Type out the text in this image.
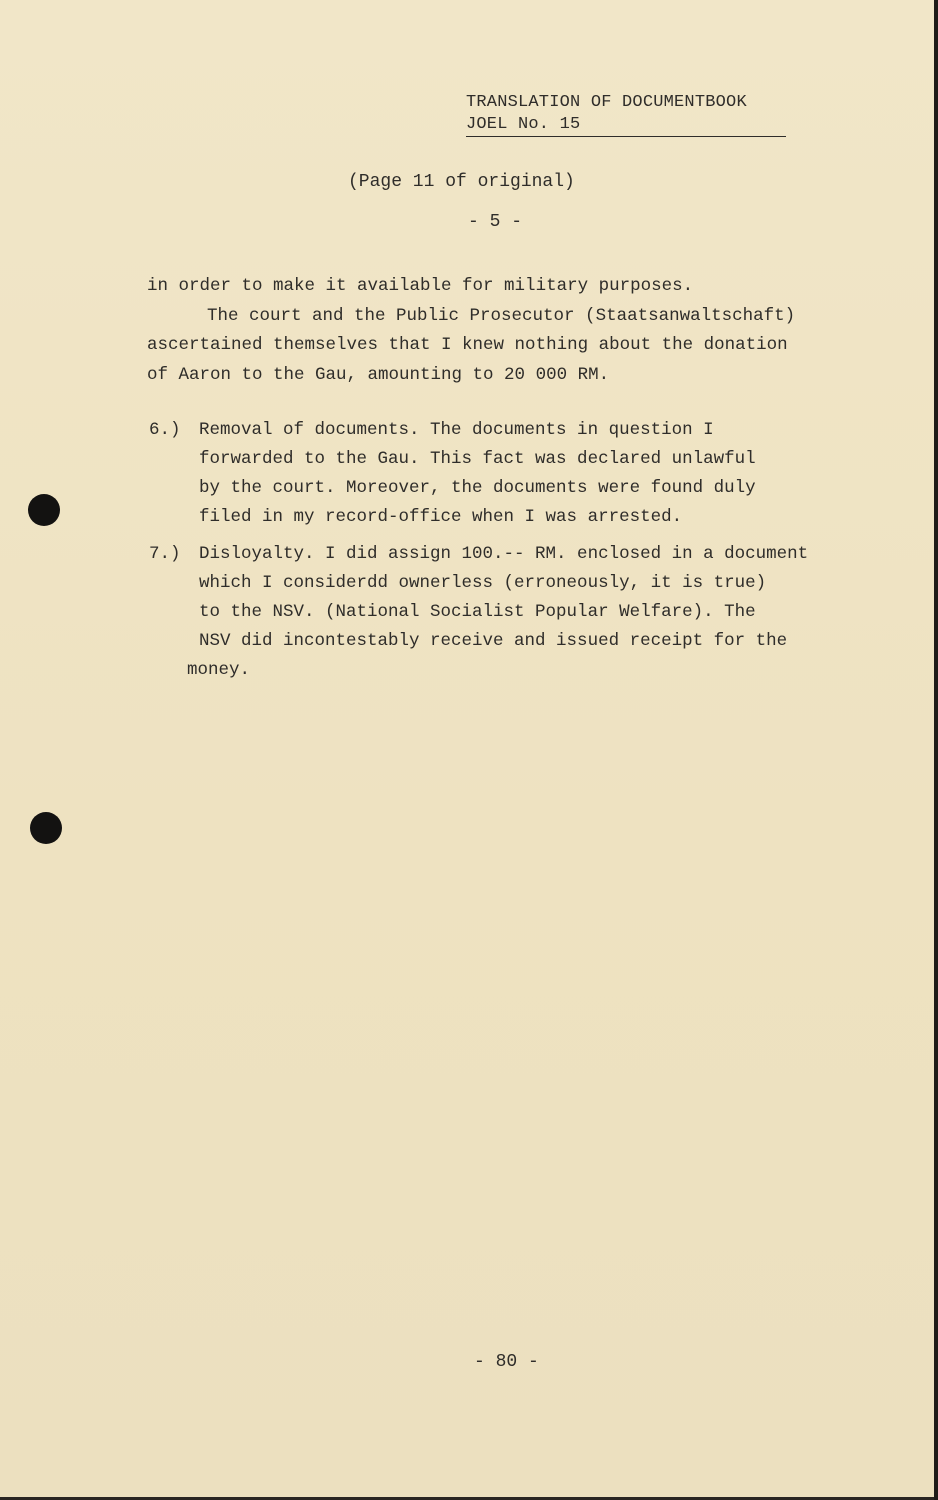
TRANSLATION OF DOCUMENTBOOK
JOEL No. 15
(Page 11 of original)
- 5 -
in order to make it available for military purposes.
The court and the Public Prosecutor (Staatsanwaltschaft)
ascertained themselves that I knew nothing about the donation
of Aaron to the Gau, amounting to 20 000 RM.
6.) Removal of documents. The documents in question I
forwarded to the Gau. This fact was declared unlawful
by the court. Moreover, the documents were found duly
filed in my record-office when I was arrested.
7.) Disloyalty. I did assign 100.-- RM. enclosed in a document
which I considerdd ownerless (erroneously, it is true)
to the NSV. (National Socialist Popular Welfare). The
NSV did incontestably receive and issued receipt for the
money.
- 80 -
